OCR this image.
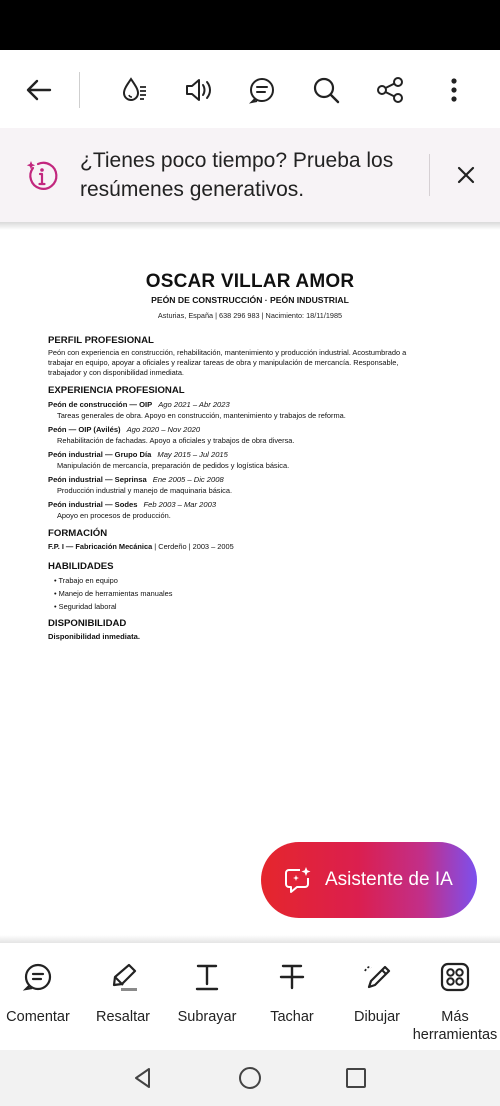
¿Tienes poco tiempo? Prueba los resúmenes generativos.
OSCAR VILLAR AMOR
PEÓN DE CONSTRUCCIÓN · PEÓN INDUSTRIAL
Asturias, España | 638 296 983 | Nacimiento: 18/11/1985
PERFIL PROFESIONAL
Peón con experiencia en construcción, rehabilitación, mantenimiento y producción industrial. Acostumbrado a trabajar en equipo, apoyar a oficiales y realizar tareas de obra y manipulación de mercancía. Responsable, trabajador y con disponibilidad inmediata.
EXPERIENCIA PROFESIONAL
Peón de construcción — OIP Ago 2021 – Abr 2023
Tareas generales de obra. Apoyo en construcción, mantenimiento y trabajos de reforma.
Peón — OIP (Avilés) Ago 2020 – Nov 2020
Rehabilitación de fachadas. Apoyo a oficiales y trabajos de obra diversa.
Peón industrial — Grupo Día May 2015 – Jul 2015
Manipulación de mercancía, preparación de pedidos y logística básica.
Peón industrial — Seprinsa Ene 2005 – Dic 2008
Producción industrial y manejo de maquinaria básica.
Peón industrial — Sodes Feb 2003 – Mar 2003
Apoyo en procesos de producción.
FORMACIÓN
F.P. I — Fabricación Mecánica | Cerdeño | 2003 – 2005
HABILIDADES
• Trabajo en equipo
• Manejo de herramientas manuales
• Seguridad laboral
DISPONIBILIDAD
Disponibilidad inmediata.
Asistente de IA
Comentar Resaltar Subrayar Tachar	Dibujar	Más herramientas
